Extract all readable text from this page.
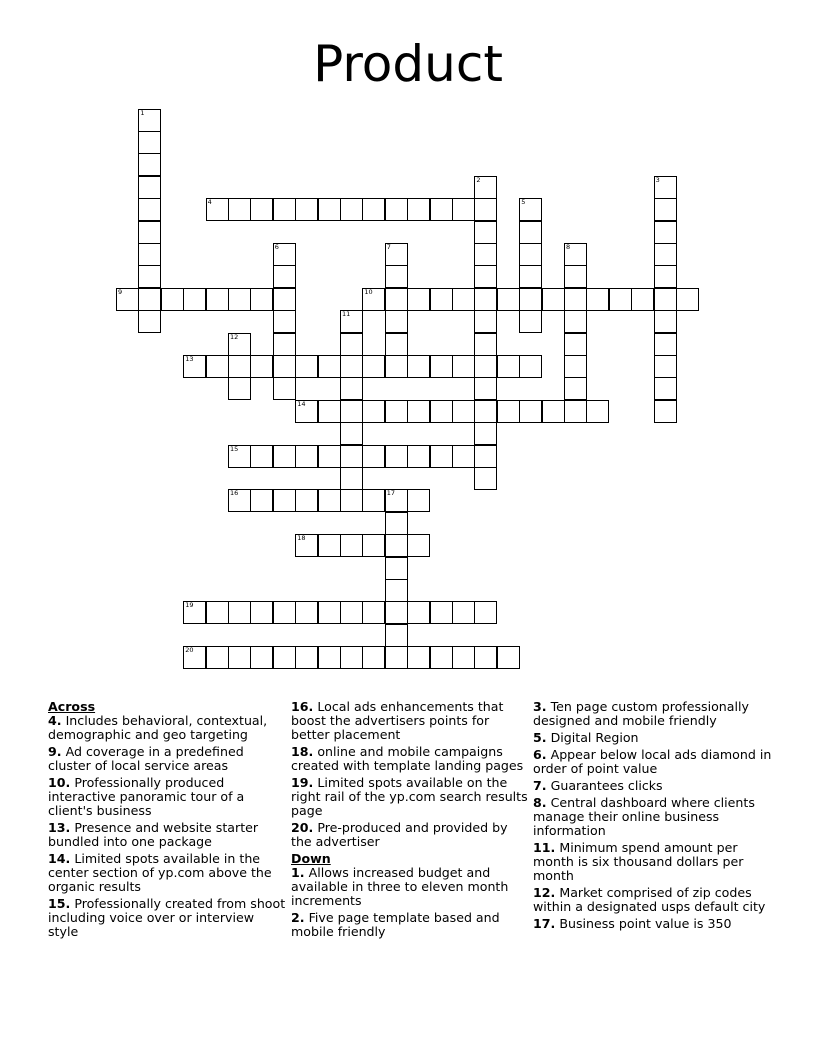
Product
1
2	3
4	5
6	7	8
9	10
11
12
13
14
15
16	17
18
19
20
Across
4. Includes behavioral, contextual, demographic and geo targeting
9. Ad coverage in a predefined cluster of local service areas
10. Professionally produced interactive panoramic tour of a client's business
13. Presence and website starter bundled into one package
14. Limited spots available in the center section of yp.com above the organic results
15. Professionally created from shoot including voice over or interview style
16. Local ads enhancements that boost the advertisers points for better placement
18. online and mobile campaigns created with template landing pages
19. Limited spots available on the right rail of the yp.com search results page
20. Pre-produced and provided by the advertiser
Down
1. Allows increased budget and available in three to eleven month increments
2. Five page template based and mobile friendly
3. Ten page custom professionally designed and mobile friendly
5. Digital Region
6. Appear below local ads diamond in order of point value
7. Guarantees clicks
8. Central dashboard where clients manage their online business information
11. Minimum spend amount per month is six thousand dollars per month
12. Market comprised of zip codes within a designated usps default city
17. Business point value is 350
